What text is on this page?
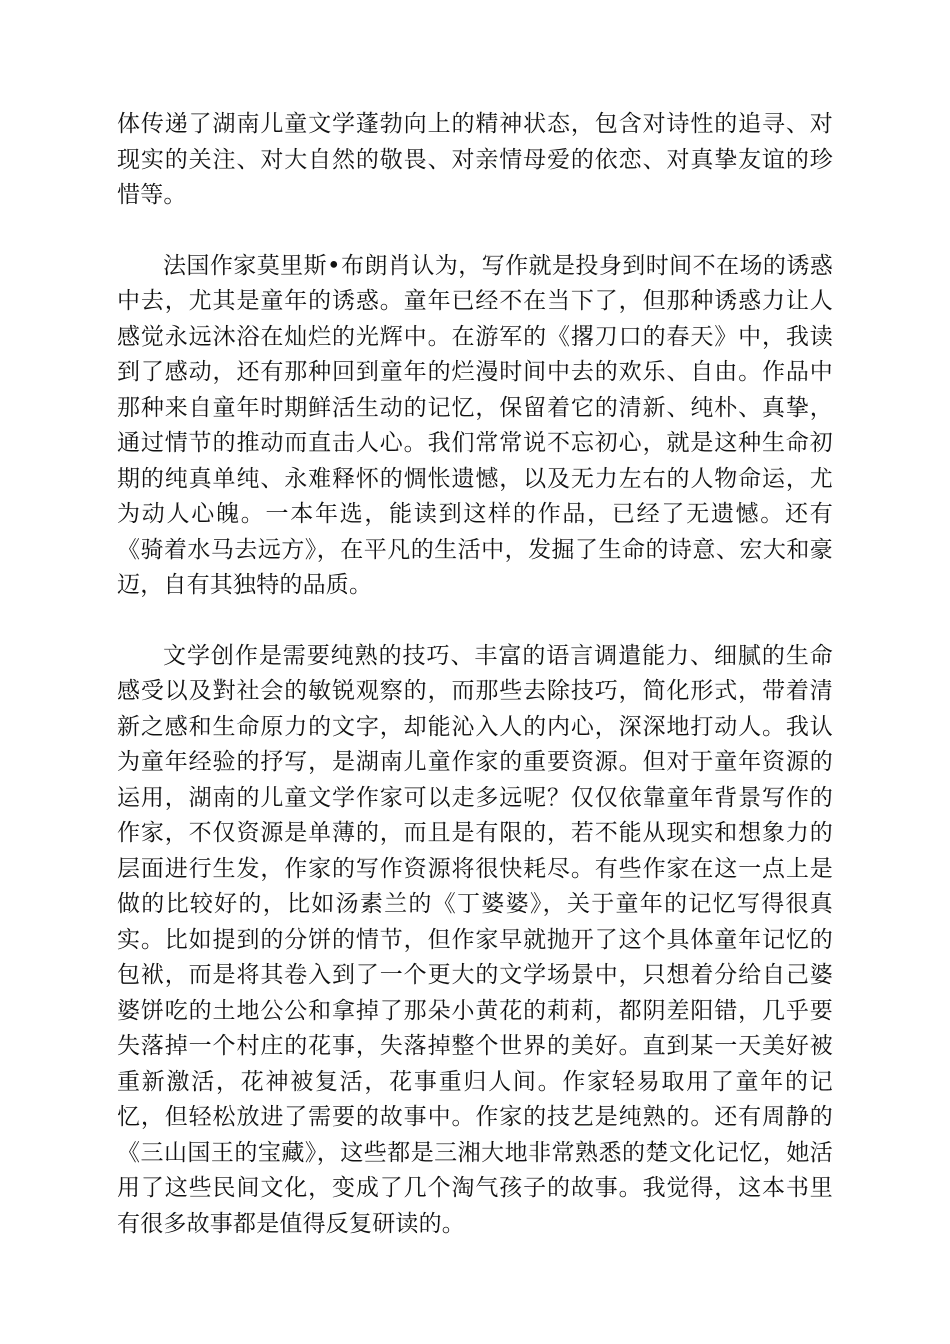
体传递了湖南儿童文学蓬勃向上的精神状态，包含对诗性的追寻、对现实的关注、对大自然的敬畏、对亲情母爱的依恋、对真挚友谊的珍惜等。

法国作家莫里斯•布朗肖认为，写作就是投身到时间不在场的诱惑中去，尤其是童年的诱惑。童年已经不在当下了，但那种诱惑力让人感觉永远沐浴在灿烂的光辉中。在游军的《撂刀口的春天》中，我读到了感动，还有那种回到童年的烂漫时间中去的欢乐、自由。作品中那种来自童年时期鲜活生动的记忆，保留着它的清新、纯朴、真挚，通过情节的推动而直击人心。我们常常说不忘初心，就是这种生命初期的纯真单纯、永难释怀的惆怅遗憾，以及无力左右的人物命运，尤为动人心魄。一本年选，能读到这样的作品，已经了无遗憾。还有《骑着水马去远方》，在平凡的生活中，发掘了生命的诗意、宏大和豪迈，自有其独特的品质。

文学创作是需要纯熟的技巧、丰富的语言调遣能力、细腻的生命感受以及對社会的敏锐观察的，而那些去除技巧，简化形式，带着清新之感和生命原力的文字，却能沁入人的内心，深深地打动人。我认为童年经验的抒写，是湖南儿童作家的重要资源。但对于童年资源的运用，湖南的儿童文学作家可以走多远呢？仅仅依靠童年背景写作的作家，不仅资源是单薄的，而且是有限的，若不能从现实和想象力的层面进行生发，作家的写作资源将很快耗尽。有些作家在这一点上是做的比较好的，比如汤素兰的《丁婆婆》，关于童年的记忆写得很真实。比如提到的分饼的情节，但作家早就抛开了这个具体童年记忆的包袱，而是将其卷入到了一个更大的文学场景中，只想着分给自己婆婆饼吃的土地公公和拿掉了那朵小黄花的莉莉，都阴差阳错，几乎要失落掉一个村庄的花事，失落掉整个世界的美好。直到某一天美好被重新激活，花神被复活，花事重归人间。作家轻易取用了童年的记忆，但轻松放进了需要的故事中。作家的技艺是纯熟的。还有周静的《三山国王的宝藏》，这些都是三湘大地非常熟悉的楚文化记忆，她活用了这些民间文化，变成了几个淘气孩子的故事。我觉得，这本书里有很多故事都是值得反复研读的。
